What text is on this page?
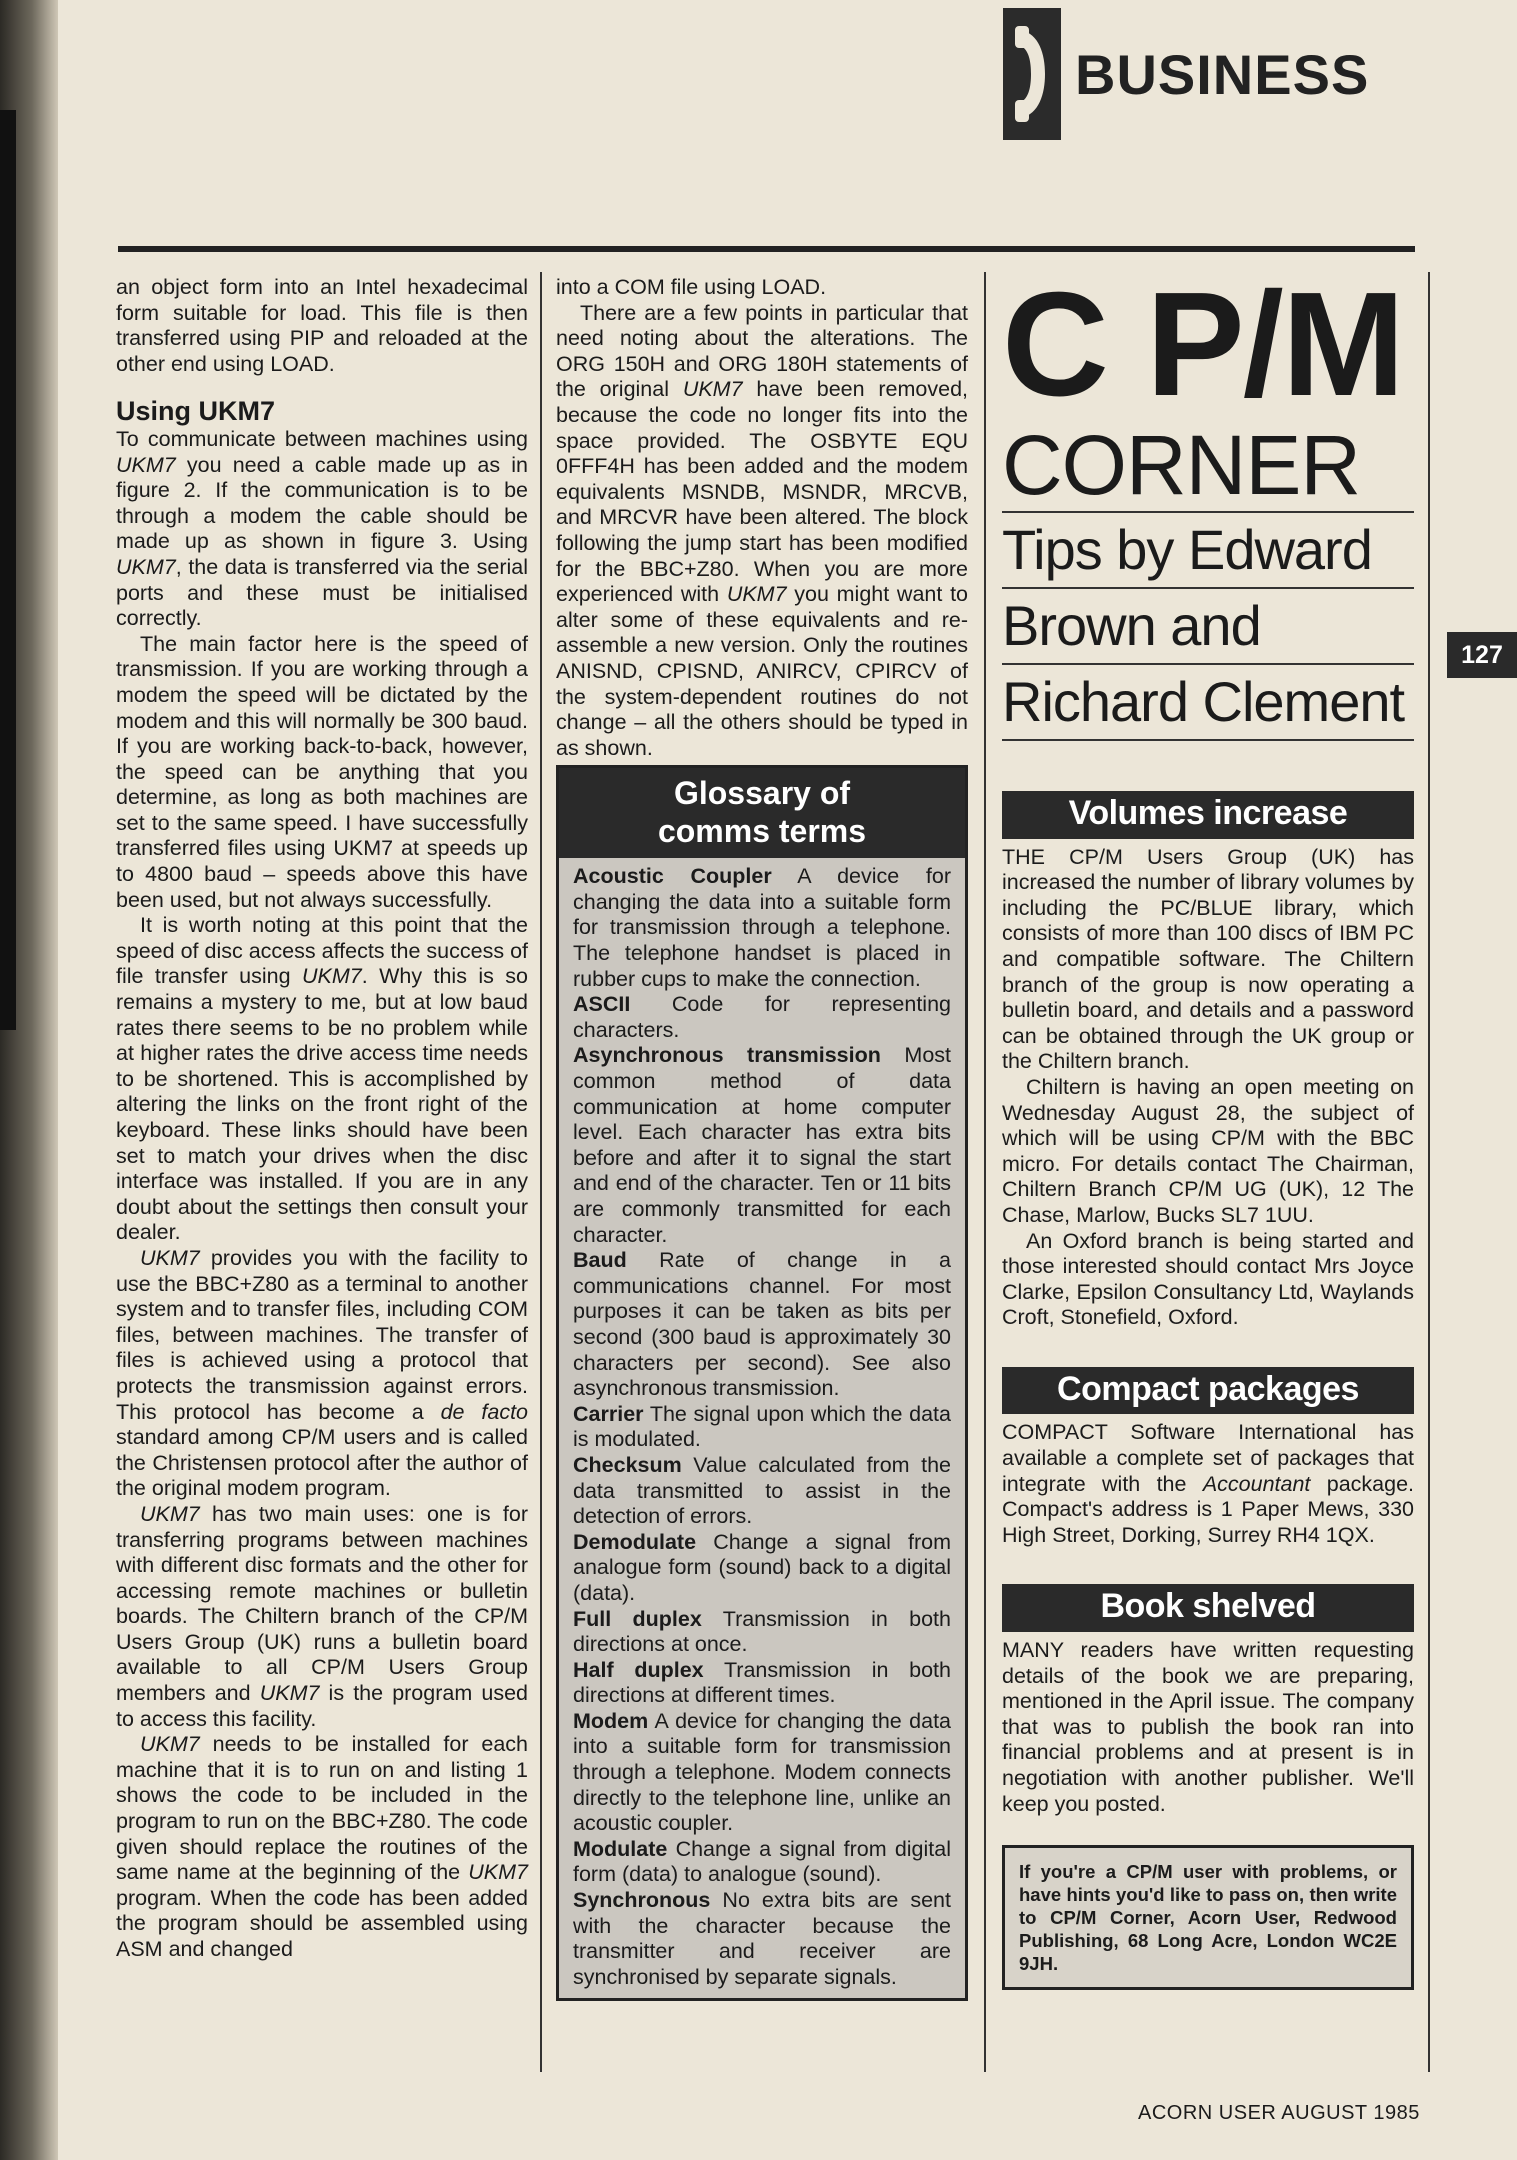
BUSINESS

an object form into an Intel hexadecimal form suitable for load. This file is then transferred using PIP and reloaded at the other end using LOAD.

Using UKM7

To communicate between machines using UKM7 you need a cable made up as in figure 2. If the communication is to be through a modem the cable should be made up as shown in figure 3. Using UKM7, the data is transferred via the serial ports and these must be initialised correctly.

The main factor here is the speed of transmission. If you are working through a modem the speed will be dictated by the modem and this will normally be 300 baud. If you are working back-to-back, however, the speed can be anything that you determine, as long as both machines are set to the same speed. I have successfully transferred files using UKM7 at speeds up to 4800 baud – speeds above this have been used, but not always successfully.

It is worth noting at this point that the speed of disc access affects the success of file transfer using UKM7. Why this is so remains a mystery to me, but at low baud rates there seems to be no problem while at higher rates the drive access time needs to be shortened. This is accomplished by altering the links on the front right of the keyboard. These links should have been set to match your drives when the disc interface was installed. If you are in any doubt about the settings then consult your dealer.

UKM7 provides you with the facility to use the BBC+Z80 as a terminal to another system and to transfer files, including COM files, between machines. The transfer of files is achieved using a protocol that protects the transmission against errors. This protocol has become a de facto standard among CP/M users and is called the Christensen protocol after the author of the original modem program.

UKM7 has two main uses: one is for transferring programs between machines with different disc formats and the other for accessing remote machines or bulletin boards. The Chiltern branch of the CP/M Users Group (UK) runs a bulletin board available to all CP/M Users Group members and UKM7 is the program used to access this facility.

UKM7 needs to be installed for each machine that it is to run on and listing 1 shows the code to be included in the program to run on the BBC+Z80. The code given should replace the routines of the same name at the beginning of the UKM7 program. When the code has been added the program should be assembled using ASM and changed

into a COM file using LOAD.

There are a few points in particular that need noting about the alterations. The ORG 150H and ORG 180H statements of the original UKM7 have been removed, because the code no longer fits into the space provided. The OSBYTE EQU 0FFF4H has been added and the modem equivalents MSNDB, MSNDR, MRCVB, and MRCVR have been altered. The block following the jump start has been modified for the BBC+Z80. When you are more experienced with UKM7 you might want to alter some of these equivalents and re-assemble a new version. Only the routines ANISND, CPISND, ANIRCV, CPIRCV of the system-dependent routines do not change – all the others should be typed in as shown.

Glossary of
comms terms
Acoustic Coupler A device for changing the data into a suitable form for transmission through a telephone. The telephone handset is placed in rubber cups to make the connection.
ASCII Code for representing characters.
Asynchronous transmission Most common method of data communication at home computer level. Each character has extra bits before and after it to signal the start and end of the character. Ten or 11 bits are commonly transmitted for each character.
Baud Rate of change in a communications channel. For most purposes it can be taken as bits per second (300 baud is approximately 30 characters per second). See also asynchronous transmission.
Carrier The signal upon which the data is modulated.
Checksum Value calculated from the data transmitted to assist in the detection of errors.
Demodulate Change a signal from analogue form (sound) back to a digital (data).
Full duplex Transmission in both directions at once.
Half duplex Transmission in both directions at different times.
Modem A device for changing the data into a suitable form for transmission through a telephone. Modem connects directly to the telephone line, unlike an acoustic coupler.
Modulate Change a signal from digital form (data) to analogue (sound).
Synchronous No extra bits are sent with the character because the transmitter and receiver are synchronised by separate signals.
C P/M
CORNER
Tips by Edward
Brown and
Richard Clement
Volumes increase

THE CP/M Users Group (UK) has increased the number of library volumes by including the PC/BLUE library, which consists of more than 100 discs of IBM PC and compatible software. The Chiltern branch of the group is now operating a bulletin board, and details and a password can be obtained through the UK group or the Chiltern branch.

Chiltern is having an open meeting on Wednesday August 28, the subject of which will be using CP/M with the BBC micro. For details contact The Chairman, Chiltern Branch CP/M UG (UK), 12 The Chase, Marlow, Bucks SL7 1UU.

An Oxford branch is being started and those interested should contact Mrs Joyce Clarke, Epsilon Consultancy Ltd, Waylands Croft, Stonefield, Oxford.

Compact packages

COMPACT Software International has available a complete set of packages that integrate with the Accountant package. Compact's address is 1 Paper Mews, 330 High Street, Dorking, Surrey RH4 1QX.

Book shelved

MANY readers have written requesting details of the book we are preparing, mentioned in the April issue. The company that was to publish the book ran into financial problems and at present is in negotiation with another publisher. We'll keep you posted.

If you're a CP/M user with problems, or have hints you'd like to pass on, then write to CP/M Corner, Acorn User, Redwood Publishing, 68 Long Acre, London WC2E 9JH.
127
ACORN USER AUGUST 1985
